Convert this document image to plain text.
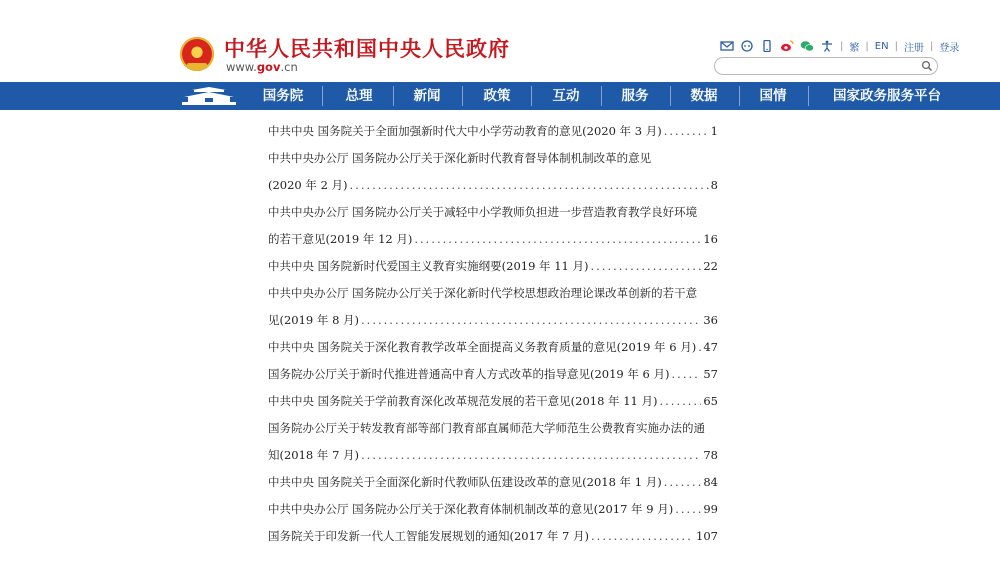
中华人民共和国中央人民政府
www.gov.cn
| 繁 | EN | 注册 | 登录
国务院	总理	新闻	政策	互动	服务	数据	国情	国家政务服务平台
中共中央 国务院关于全面加强新时代大中小学劳动教育的意见(2020 年 3 月) .....	1
中共中央办公厅 国务院办公厅关于深化新时代教育督导体制机制改革的意见
(2020 年 2 月) .....	8
中共中央办公厅 国务院办公厅关于减轻中小学教师负担进一步营造教育教学良好环境
的若干意见(2019 年 12 月) .....	16
中共中央 国务院新时代爱国主义教育实施纲要(2019 年 11 月) .....	22
中共中央办公厅 国务院办公厅关于深化新时代学校思想政治理论课改革创新的若干意
见(2019 年 8 月) .....	36
中共中央 国务院关于深化教育教学改革全面提高义务教育质量的意见(2019 年 6 月) ..... 47
国务院办公厅关于新时代推进普通高中育人方式改革的指导意见(2019 年 6 月) .....	57
中共中央 国务院关于学前教育深化改革规范发展的若干意见(2018 年 11 月) .....	65
国务院办公厅关于转发教育部等部门教育部直属师范大学师范生公费教育实施办法的通
知(2018 年 7 月) .....	78
中共中央 国务院关于全面深化新时代教师队伍建设改革的意见(2018 年 1 月) .....	84
中共中央办公厅 国务院办公厅关于深化教育体制机制改革的意见(2017 年 9 月) .....	99
国务院关于印发新一代人工智能发展规划的通知(2017 年 7 月) .....	107
